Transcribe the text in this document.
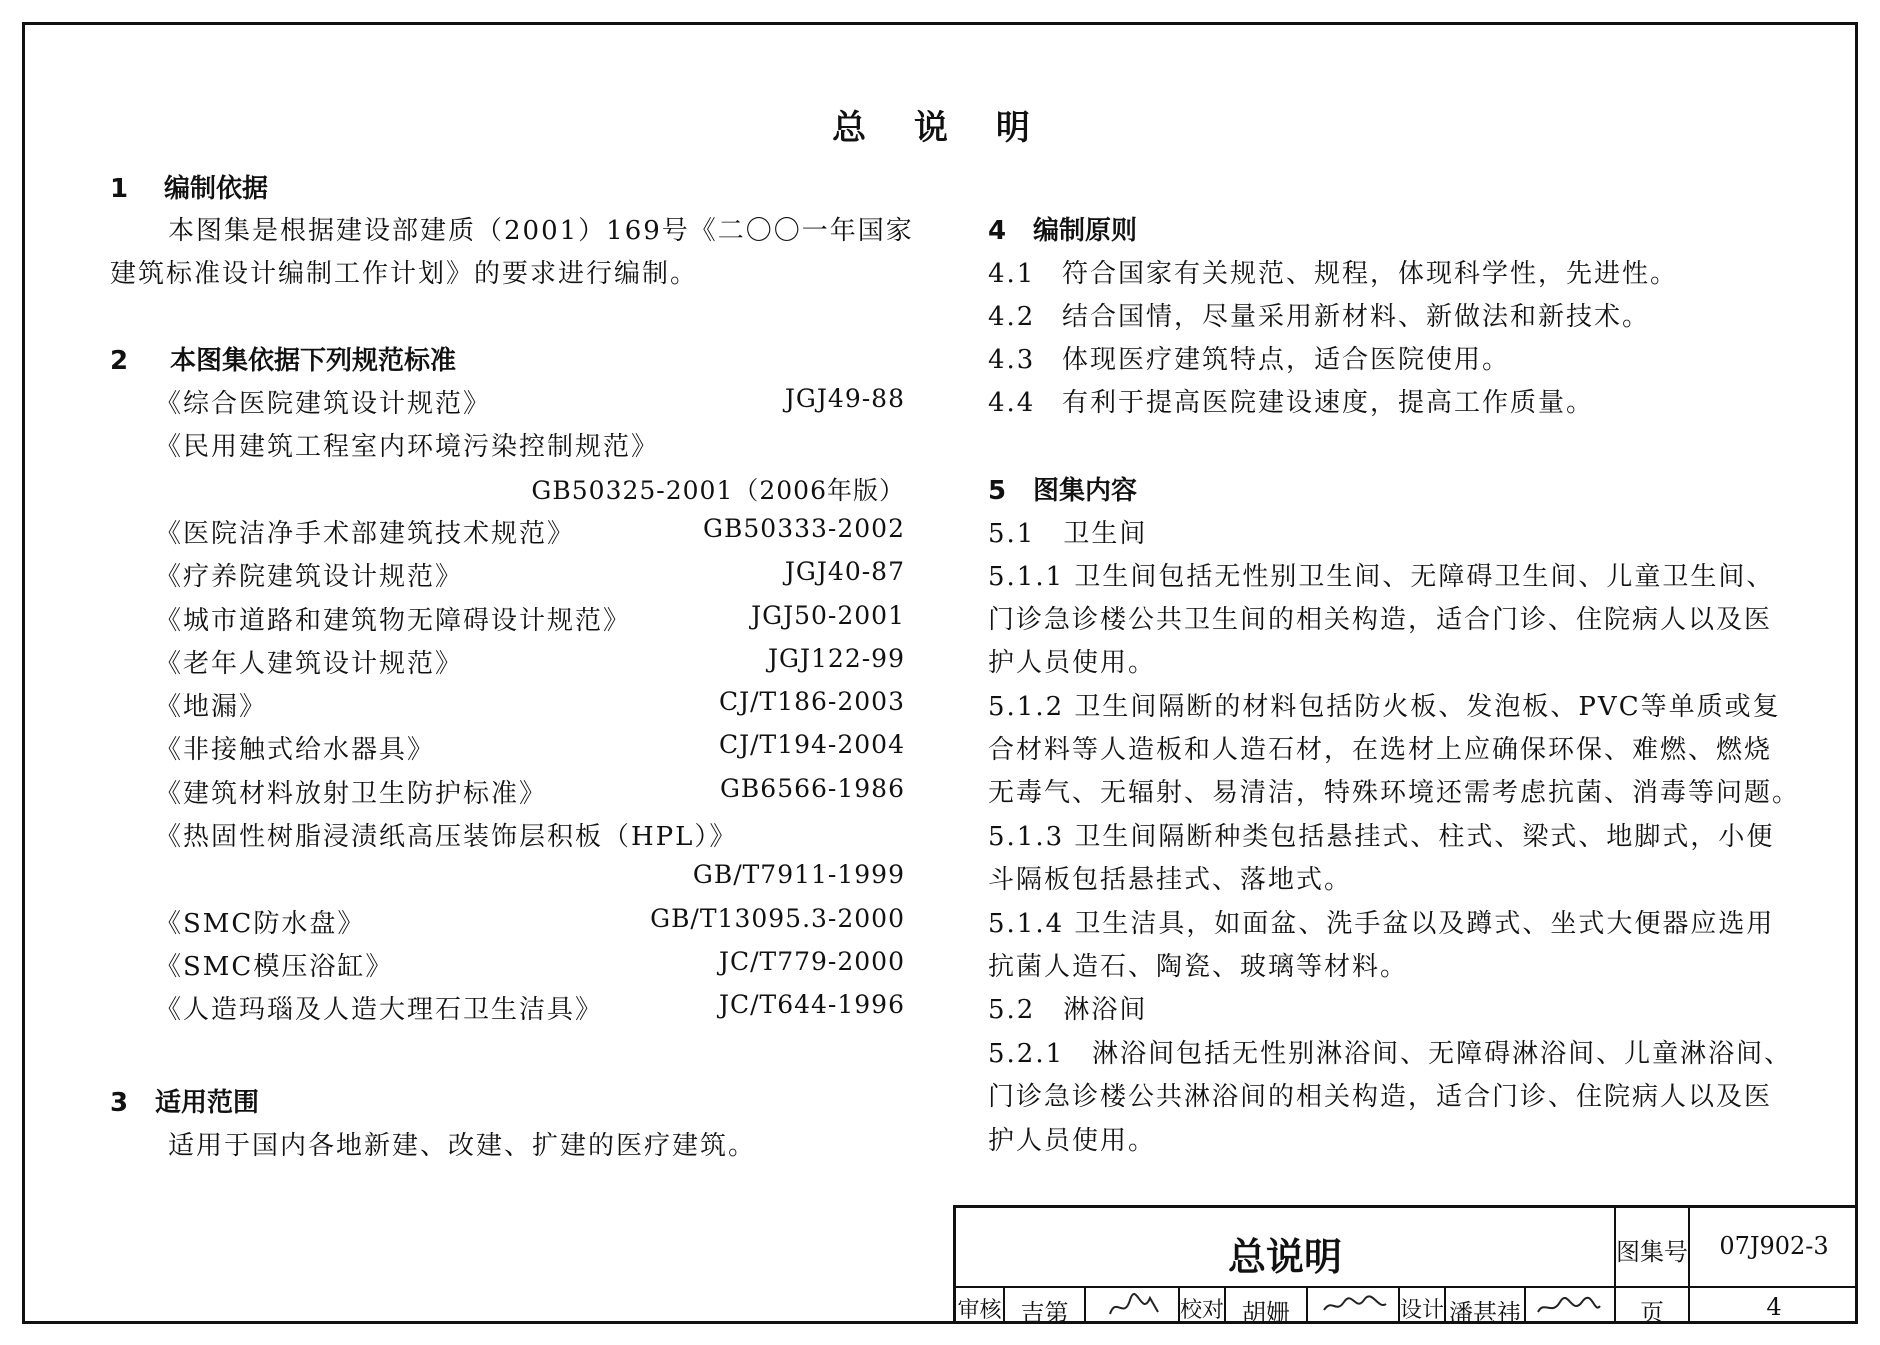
总 说 明
1 编制依据
本图集是根据建设部建质（2001）169号《二〇〇一年国家
建筑标准设计编制工作计划》的要求进行编制。
2 本图集依据下列规范标准
《综合医院建筑设计规范》	JGJ49-88
《民用建筑工程室内环境污染控制规范》
GB50325-2001（2006年版）
《医院洁净手术部建筑技术规范》	GB50333-2002
《疗养院建筑设计规范》	JGJ40-87
《城市道路和建筑物无障碍设计规范》	JGJ50-2001
《老年人建筑设计规范》	JGJ122-99
《地漏》	CJ/T186-2003
《非接触式给水器具》	CJ/T194-2004
《建筑材料放射卫生防护标准》	GB6566-1986
《热固性树脂浸渍纸高压装饰层积板（HPL）》
GB/T7911-1999
《SMC防水盘》	GB/T13095.3-2000
《SMC模压浴缸》	JC/T779-2000
《人造玛瑙及人造大理石卫生洁具》	JC/T644-1996
3 适用范围
适用于国内各地新建、改建、扩建的医疗建筑。
4 编制原则
4.1 符合国家有关规范、规程，体现科学性，先进性。
4.2 结合国情，尽量采用新材料、新做法和新技术。
4.3 体现医疗建筑特点，适合医院使用。
4.4 有利于提高医院建设速度，提高工作质量。
5 图集内容
5.1　卫生间
5.1.1 卫生间包括无性别卫生间、无障碍卫生间、儿童卫生间、
门诊急诊楼公共卫生间的相关构造，适合门诊、住院病人以及医
护人员使用。
5.1.2 卫生间隔断的材料包括防火板、发泡板、PVC等单质或复
合材料等人造板和人造石材，在选材上应确保环保、难燃、燃烧
无毒气、无辐射、易清洁，特殊环境还需考虑抗菌、消毒等问题。
5.1.3 卫生间隔断种类包括悬挂式、柱式、梁式、地脚式，小便
斗隔板包括悬挂式、落地式。
5.1.4 卫生洁具，如面盆、洗手盆以及蹲式、坐式大便器应选用
抗菌人造石、陶瓷、玻璃等材料。
5.2　淋浴间
5.2.1　淋浴间包括无性别淋浴间、无障碍淋浴间、儿童淋浴间、
门诊急诊楼公共淋浴间的相关构造，适合门诊、住院病人以及医
护人员使用。
总说明	图集号	07J902-3
审核 吉第	校对 胡姗	设计 潘甚祎	页	4
